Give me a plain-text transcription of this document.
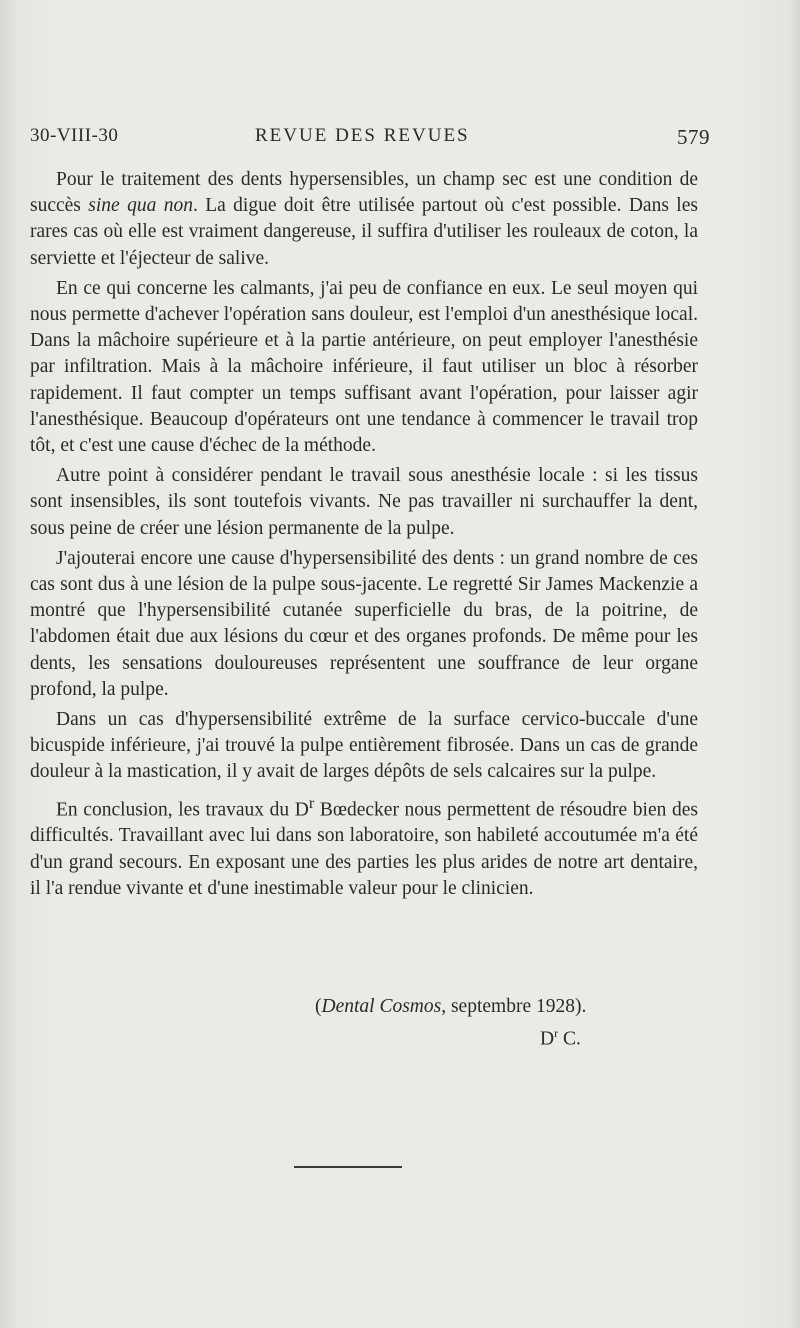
30-VIII-30	REVUE DES REVUES	579

Pour le traitement des dents hypersensibles, un champ sec est une condition de succès sine qua non. La digue doit être utilisée partout où c'est possible. Dans les rares cas où elle est vraiment dangereuse, il suffira d'utiliser les rouleaux de coton, la serviette et l'éjecteur de salive.

En ce qui concerne les calmants, j'ai peu de confiance en eux. Le seul moyen qui nous permette d'achever l'opération sans douleur, est l'emploi d'un anesthésique local. Dans la mâchoire supérieure et à la partie antérieure, on peut employer l'anesthésie par infiltration. Mais à la mâchoire inférieure, il faut utiliser un bloc à résorber rapidement. Il faut compter un temps suffisant avant l'opération, pour laisser agir l'anesthésique. Beaucoup d'opérateurs ont une tendance à commencer le travail trop tôt, et c'est une cause d'échec de la méthode.

Autre point à considérer pendant le travail sous anesthésie locale : si les tissus sont insensibles, ils sont toutefois vivants. Ne pas travailler ni surchauffer la dent, sous peine de créer une lésion permanente de la pulpe.

J'ajouterai encore une cause d'hypersensibilité des dents : un grand nombre de ces cas sont dus à une lésion de la pulpe sous-jacente. Le regretté Sir James Mackenzie a montré que l'hypersensibilité cutanée superficielle du bras, de la poitrine, de l'abdomen était due aux lésions du cœur et des organes profonds. De même pour les dents, les sensations douloureuses représentent une souffrance de leur organe profond, la pulpe.

Dans un cas d'hypersensibilité extrême de la surface cervico-buccale d'une bicuspide inférieure, j'ai trouvé la pulpe entièrement fibrosée. Dans un cas de grande douleur à la mastication, il y avait de larges dépôts de sels calcaires sur la pulpe.

En conclusion, les travaux du $D^r$ Bœdecker nous permettent de résoudre bien des difficultés. Travaillant avec lui dans son laboratoire, son habileté accoutumée m'a été d'un grand secours. En exposant une des parties les plus arides de notre art dentaire, il l'a rendue vivante et d'une inestimable valeur pour le clinicien.

(Dental Cosmos, septembre 1928).
$D^r$ C.
